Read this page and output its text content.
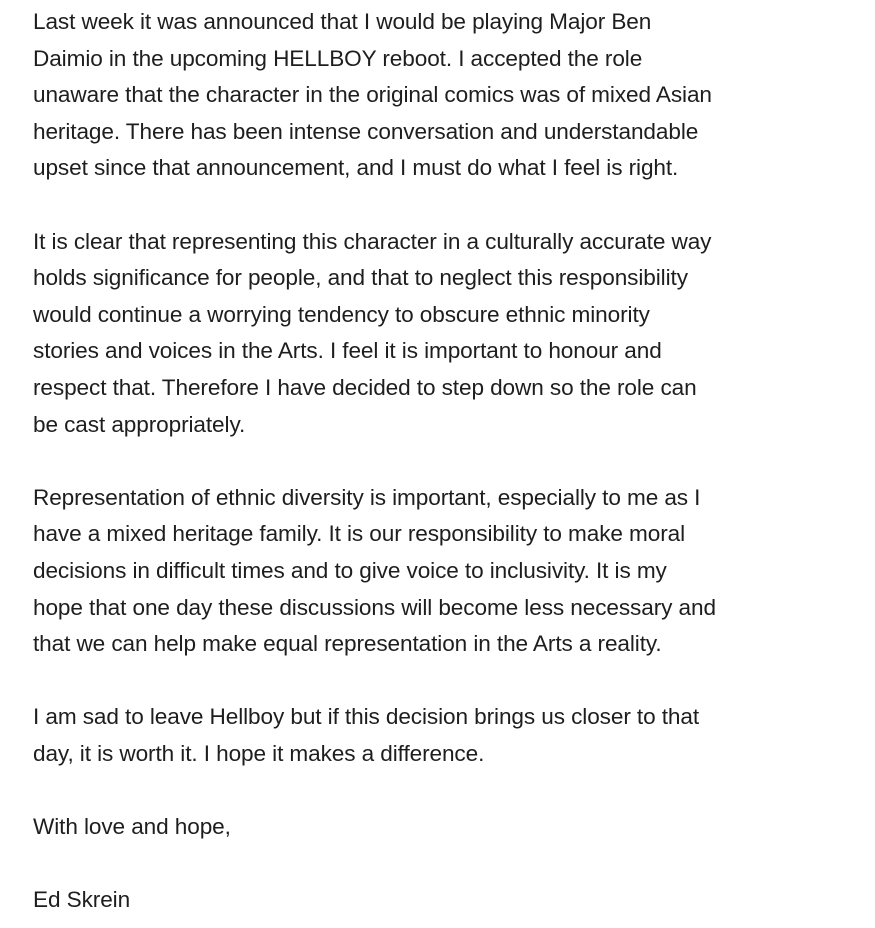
Last week it was announced that I would be playing Major Ben
Daimio in the upcoming HELLBOY reboot. I accepted the role
unaware that the character in the original comics was of mixed Asian
heritage. There has been intense conversation and understandable
upset since that announcement, and I must do what I feel is right.

It is clear that representing this character in a culturally accurate way
holds significance for people, and that to neglect this responsibility
would continue a worrying tendency to obscure ethnic minority
stories and voices in the Arts. I feel it is important to honour and
respect that. Therefore I have decided to step down so the role can
be cast appropriately.

Representation of ethnic diversity is important, especially to me as I
have a mixed heritage family. It is our responsibility to make moral
decisions in difficult times and to give voice to inclusivity. It is my
hope that one day these discussions will become less necessary and
that we can help make equal representation in the Arts a reality.

I am sad to leave Hellboy but if this decision brings us closer to that
day, it is worth it. I hope it makes a difference.

With love and hope,

Ed Skrein
